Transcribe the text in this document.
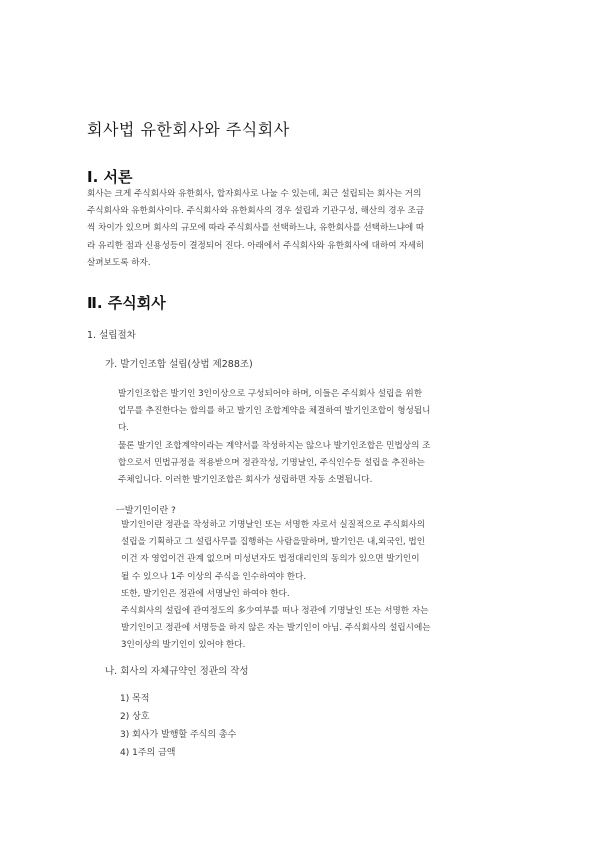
회사법 유한회사와 주식회사
Ⅰ. 서론
회사는 크게 주식회사와 유한회사, 합자회사로 나눌 수 있는데, 최근 설립되는 회사는 거의
주식회사와 유한회사이다. 주식회사와 유한회사의 경우 설립과 기관구성, 해산의 경우 조금
씩 차이가 있으며 회사의 규모에 따라 주식회사를 선택하느냐, 유한회사를 선택하느냐에 따
라 유리한 점과 신용성등이 결정되어 진다. 아래에서 주식회사와 유한회사에 대하여 자세히
살펴보도록 하자.
Ⅱ. 주식회사
1. 설립절차
가. 발기인조합 설립(상법 제288조)
발기인조합은 발기인 3인이상으로 구성되어야 하며, 이들은 주식회사 설립을 위한
업무를 추진한다는 합의를 하고 발기인 조합계약을 체결하여 발기인조합이 형성됩니
다.
물론 발기인 조합계약이라는 계약서를 작성하지는 않으나 발기인조합은 민법상의 조
합으로서 민법규정을 적용받으며 정관작성, 기명날인, 주식인수등 설립을 추진하는
주체입니다. 이러한 발기인조합은 회사가 성립하면 자동 소멸됩니다.
ㅡ발기인이란 ?
발기인이란 정관을 작성하고 기명날인 또는 서명한 자로서 실질적으로 주식회사의
설립을 기획하고 그 설립사무를 집행하는 사람을말하며, 발기인은 내,외국인, 법인
이건 자 영업이건 관계 없으며 미성년자도 법정대리인의 동의가 있으면 발기인이
될 수 있으나 1주 이상의 주식을 인수하여야 한다.
또한, 발기인은 정관에 서명날인 하여야 한다.
주식회사의 설립에 관여정도의 多少여부를 떠나 정관에 기명날인 또는 서명한 자는
발기인이고 정관에 서명등을 하지 않은 자는 발기인이 아님. 주식회사의 설립시에는
3인이상의 발기인이 있어야 한다.
나. 회사의 자체규약인 정관의 작성
1) 목적
2) 상호
3) 회사가 발행할 주식의 총수
4) 1주의 금액
